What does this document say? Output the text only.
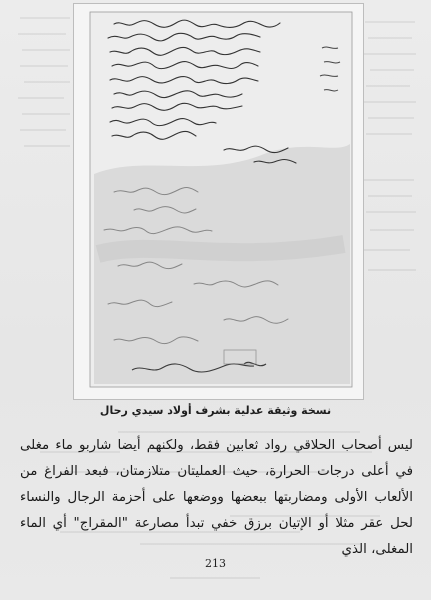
نسخة وثيقة عدلية بشرف أولاد سيدي رحال
ليس أصحاب الحلاقي رواد ثعابين فقط، ولكنهم أيضا شاربو ماء مغلى في أعلى درجات الحرارة، حيث العمليتان متلازمتان، فبعد الفراغ من الألعاب الأولى ومضاربتها ببعضها ووضعها على أحزمة الرجال والنساء لحل عقر مثلا أو الإتيان برزق خفي تبدأ مصارعة "المقراج" أي الماء المغلى، الذي
213
